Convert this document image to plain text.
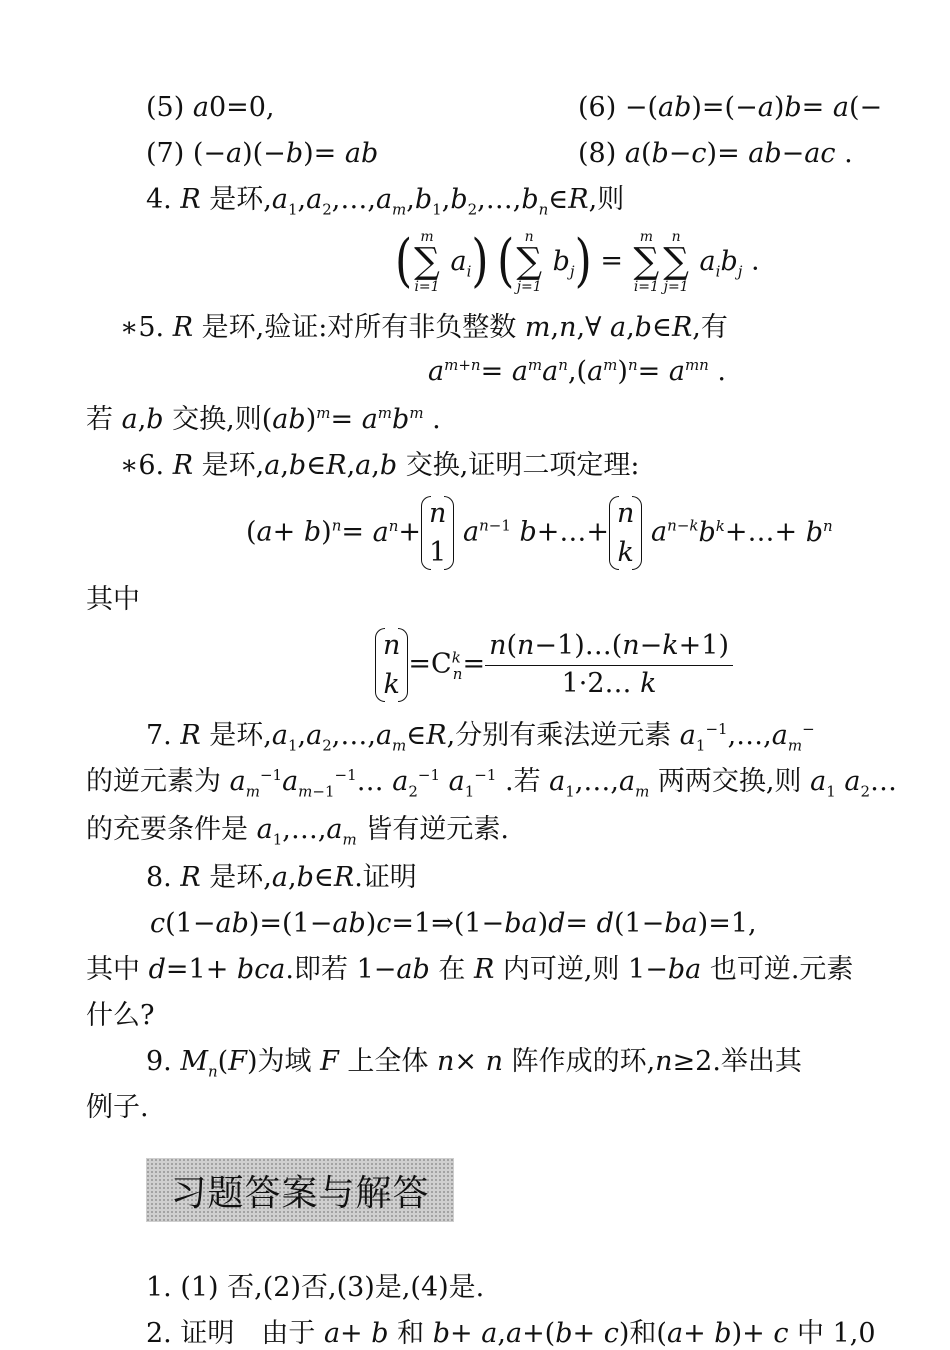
(5) a0=0,	(6) −(ab)=(−a)b= a(−
(7) (−a)(−b)= ab	(8) a(b−c)= ab−ac .
4. R 是环$,a_1,a_2,\dots,a_m,b_1,b_2,\dots,b_n\in R$,则
( m
∑
i=1
$a_i$) ( n
∑
j=1
$b_j$) =
m
∑
i=1
n
∑
j=1
$a_ib_j$ .
∗5. R 是环,验证:对所有非负整数 m,n,∀ a,b∈R,有
$a^{m+n}= a^ma^n,(a^m)^n= a^{mn}$ .
若 a,b 交换,则$(ab)^m= a^mb^m$ .
∗6. R 是环,a,b∈R,a,b 交换,证明二项定理:
$(a+ b)^n= a^n+$
n
1
$a^{n-1}$ b+…+
n
k
$a^{n-k}b^k+\dots+ b^n$
其中
n
k
$=C^k_n= \frac{n(n-1)\dots(n-k+1)}{1\cdot 2\dots k}$
7. R 是环$,a_1,a_2,\dots,a_m\in R$,分别有乘法逆元素 $a_1^{-1},\dots,a_m^-$
的逆元素为 $a_m^{-1}a_{m-1}^{-1}\dots$ $a_2^{-1}$ $a_1^{-1}$ .若 $a_1,\dots,a_m$ 两两交换,则 $a_1$ $a_2\dots$
的充要条件是 $a_1,\dots,a_m$ 皆有逆元素.
8. R 是环,a,b∈R.证明
c(1−ab)=(1−ab)c=1⇒(1−ba)d= d(1−ba)=1,
其中 d=1+ bca.即若 1−ab 在 R 内可逆,则 1−ba 也可逆.元素
什么?
9. $M_n(F)$为域 F 上全体 n× n 阵作成的环,n≥2.举出其
例子.
习题答案与解答
1. (1) 否,(2)否,(3)是,(4)是.
2. 证明　由于 a+ b 和 b+ a,a+(b+ c)和(a+ b)+ c 中 1,0
